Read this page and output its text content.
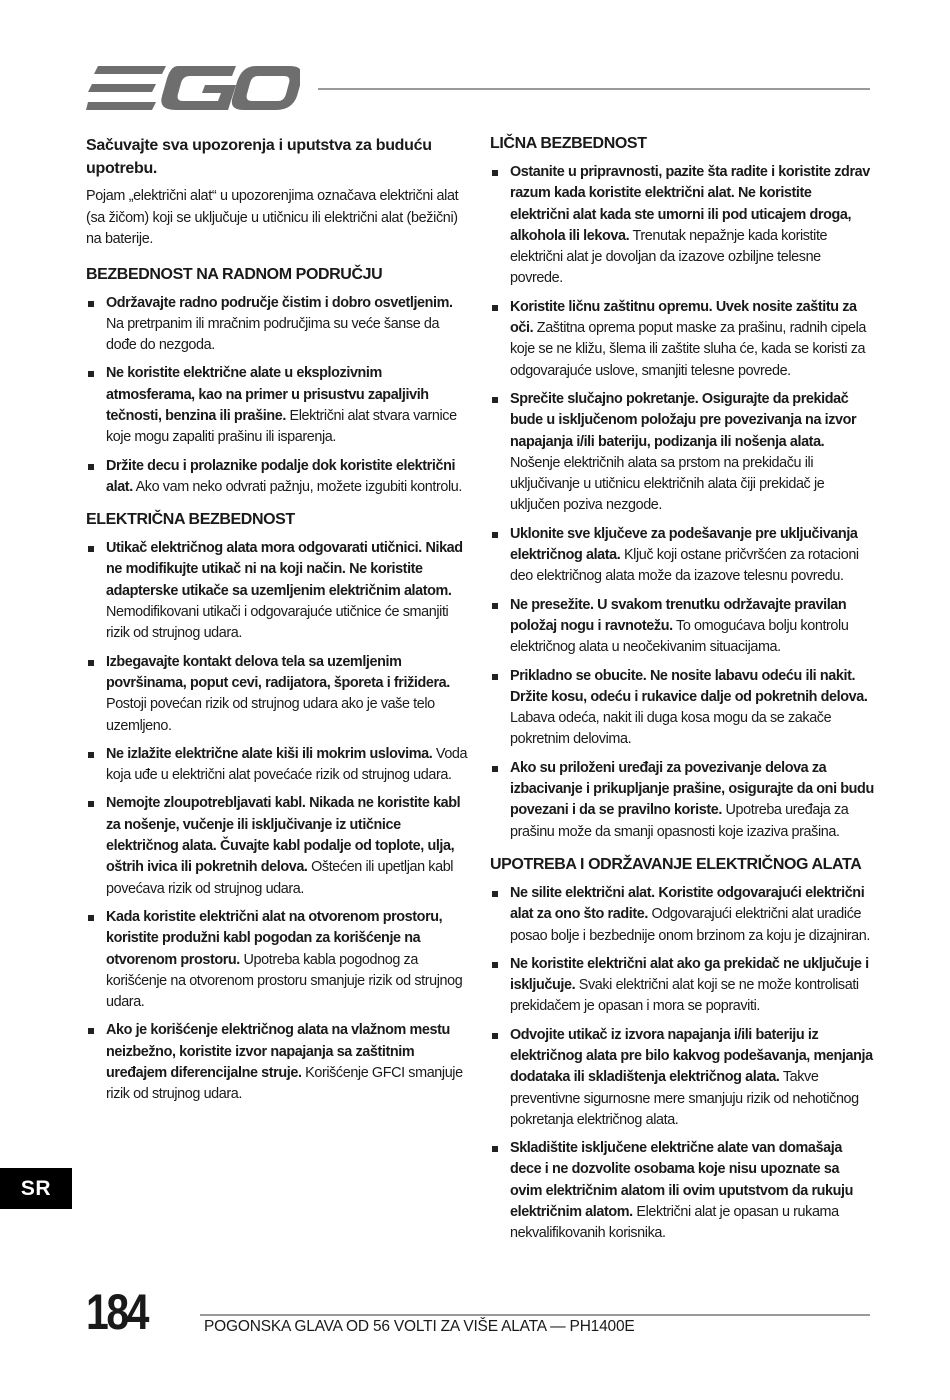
Sačuvajte sva upozorenja i uputstva za buduću upotrebu.

Pojam „električni alat“ u upozorenjima označava električni alat (sa žičom) koji se uključuje u utičnicu ili električni alat (bežični) na baterije.

BEZBEDNOST NA RADNOM PODRUČJU
Održavajte radno područje čistim i dobro osvetljenim. Na pretrpanim ili mračnim područjima su veće šanse da dođe do nezgoda.
Ne koristite električne alate u eksplozivnim atmosferama, kao na primer u prisustvu zapaljivih tečnosti, benzina ili prašine. Električni alat stvara varnice koje mogu zapaliti prašinu ili isparenja.
Držite decu i prolaznike podalje dok koristite električni alat. Ako vam neko odvrati pažnju, možete izgubiti kontrolu.
ELEKTRIČNA BEZBEDNOST
Utikač električnog alata mora odgovarati utičnici. Nikad ne modifikujte utikač ni na koji način. Ne koristite adapterske utikače sa uzemljenim električnim alatom. Nemodifikovani utikači i odgovarajuće utičnice će smanjiti rizik od strujnog udara.
Izbegavajte kontakt delova tela sa uzemljenim površinama, poput cevi, radijatora, šporeta i frižidera. Postoji povećan rizik od strujnog udara ako je vaše telo uzemljeno.
Ne izlažite električne alate kiši ili mokrim uslovima. Voda koja uđe u električni alat povećaće rizik od strujnog udara.
Nemojte zloupotrebljavati kabl. Nikada ne koristite kabl za nošenje, vučenje ili isključivanje iz utičnice električnog alata. Čuvajte kabl podalje od toplote, ulja, oštrih ivica ili pokretnih delova. Oštećen ili upetljan kabl povećava rizik od strujnog udara.
Kada koristite električni alat na otvorenom prostoru, koristite produžni kabl pogodan za korišćenje na otvorenom prostoru. Upotreba kabla pogodnog za korišćenje na otvorenom prostoru smanjuje rizik od strujnog udara.
Ako je korišćenje električnog alata na vlažnom mestu neizbežno, koristite izvor napajanja sa zaštitnim uređajem diferencijalne struje. Korišćenje GFCI smanjuje rizik od strujnog udara.
LIČNA BEZBEDNOST
Ostanite u pripravnosti, pazite šta radite i koristite zdrav razum kada koristite električni alat. Ne koristite električni alat kada ste umorni ili pod uticajem droga, alkohola ili lekova. Trenutak nepažnje kada koristite električni alat je dovoljan da izazove ozbiljne telesne povrede.
Koristite ličnu zaštitnu opremu. Uvek nosite zaštitu za oči. Zaštitna oprema poput maske za prašinu, radnih cipela koje se ne kližu, šlema ili zaštite sluha će, kada se koristi za odgovarajuće uslove, smanjiti telesne povrede.
Sprečite slučajno pokretanje. Osigurajte da prekidač bude u isključenom položaju pre povezivanja na izvor napajanja i/ili bateriju, podizanja ili nošenja alata. Nošenje električnih alata sa prstom na prekidaču ili uključivanje u utičnicu električnih alata čiji prekidač je uključen poziva nezgode.
Uklonite sve ključeve za podešavanje pre uključivanja električnog alata. Ključ koji ostane pričvršćen za rotacioni deo električnog alata može da izazove telesnu povredu.
Ne presežite. U svakom trenutku održavajte pravilan položaj nogu i ravnotežu. To omogućava bolju kontrolu električnog alata u neočekivanim situacijama.
Prikladno se obucite. Ne nosite labavu odeću ili nakit. Držite kosu, odeću i rukavice dalje od pokretnih delova. Labava odeća, nakit ili duga kosa mogu da se zakače pokretnim delovima.
Ako su priloženi uređaji za povezivanje delova za izbacivanje i prikupljanje prašine, osigurajte da oni budu povezani i da se pravilno koriste. Upotreba uređaja za prašinu može da smanji opasnosti koje izaziva prašina.
UPOTREBA I ODRŽAVANJE ELEKTRIČNOG ALATA
Ne silite električni alat. Koristite odgovarajući električni alat za ono što radite. Odgovarajući električni alat uradiće posao bolje i bezbednije onom brzinom za koju je dizajniran.
Ne koristite električni alat ako ga prekidač ne uključuje i isključuje. Svaki električni alat koji se ne može kontrolisati prekidačem je opasan i mora se popraviti.
Odvojite utikač iz izvora napajanja i/ili bateriju iz električnog alata pre bilo kakvog podešavanja, menjanja dodataka ili skladištenja električnog alata. Takve preventivne sigurnosne mere smanjuju rizik od nehotičnog pokretanja električnog alata.
Skladištite isključene električne alate van domašaja dece i ne dozvolite osobama koje nisu upoznate sa ovim električnim alatom ili ovim uputstvom da rukuju električnim alatom. Električni alat je opasan u rukama nekvalifikovanih korisnika.
SR
184	POGONSKA GLAVA OD 56 VOLTI ZA VIŠE ALATA — PH1400E
